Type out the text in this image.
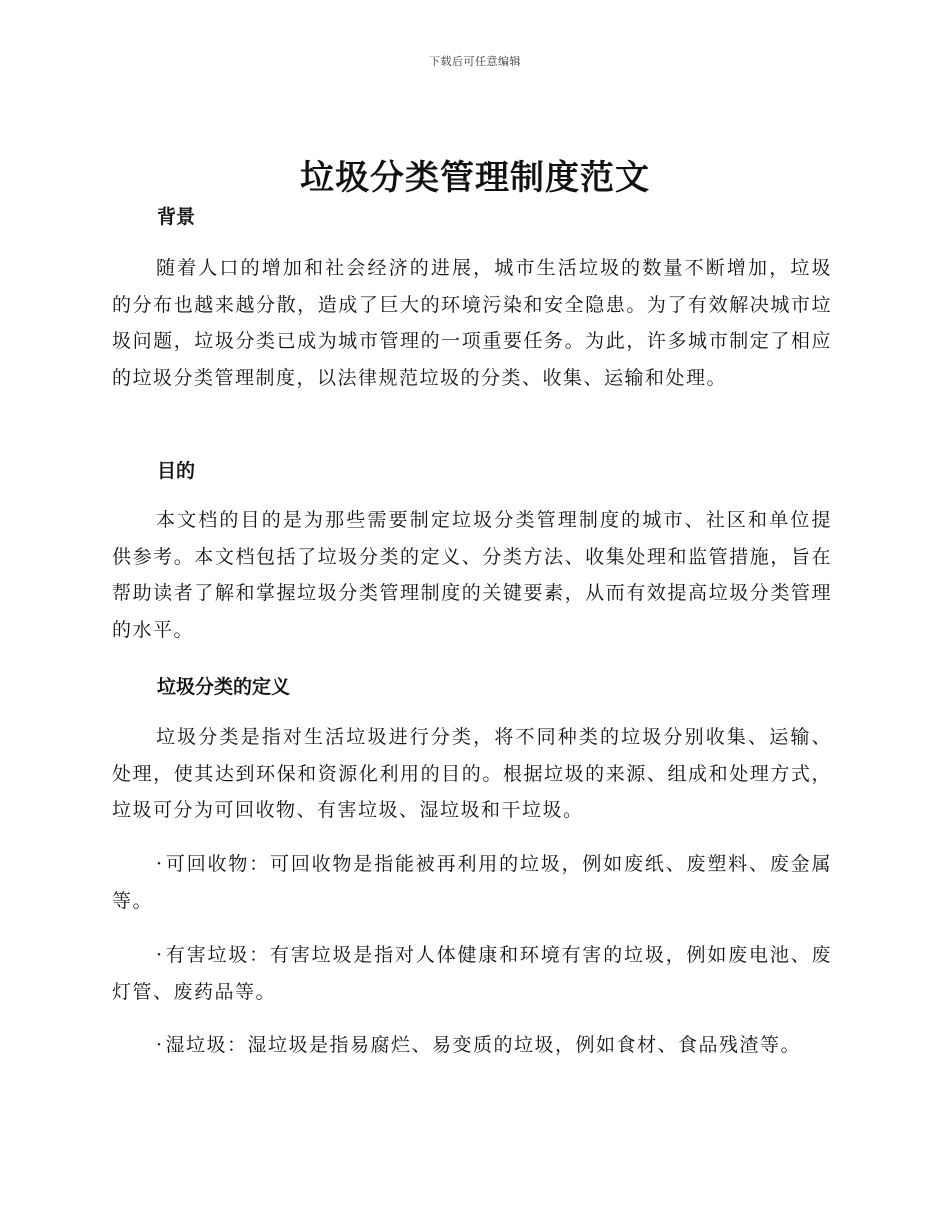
下载后可任意编辑
垃圾分类管理制度范文
背景
随着人口的增加和社会经济的进展，城市生活垃圾的数量不断增加，垃圾的分布也越来越分散，造成了巨大的环境污染和安全隐患。为了有效解决城市垃圾问题，垃圾分类已成为城市管理的一项重要任务。为此，许多城市制定了相应的垃圾分类管理制度，以法律规范垃圾的分类、收集、运输和处理。
目的
本文档的目的是为那些需要制定垃圾分类管理制度的城市、社区和单位提供参考。本文档包括了垃圾分类的定义、分类方法、收集处理和监管措施，旨在帮助读者了解和掌握垃圾分类管理制度的关键要素，从而有效提高垃圾分类管理的水平。
垃圾分类的定义
垃圾分类是指对生活垃圾进行分类，将不同种类的垃圾分别收集、运输、处理，使其达到环保和资源化利用的目的。根据垃圾的来源、组成和处理方式，垃圾可分为可回收物、有害垃圾、湿垃圾和干垃圾。
· 可回收物：可回收物是指能被再利用的垃圾，例如废纸、废塑料、废金属等。
· 有害垃圾：有害垃圾是指对人体健康和环境有害的垃圾，例如废电池、废灯管、废药品等。
· 湿垃圾：湿垃圾是指易腐烂、易变质的垃圾，例如食材、食品残渣等。
